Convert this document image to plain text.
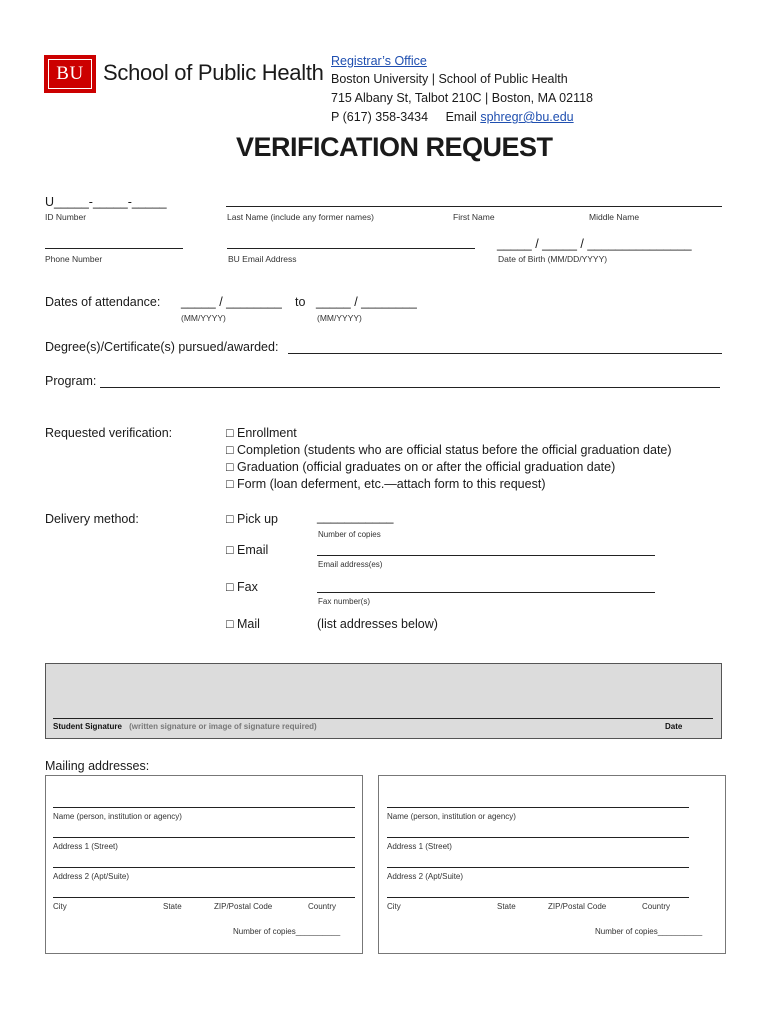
BU School of Public Health Registrar’s Office
Boston University | School of Public Health
715 Albany St, Talbot 210C | Boston, MA 02118
P (617) 358-3434 Email sphregr@bu.edu
VERIFICATION REQUEST
U_____-_____-_____
ID Number	Last Name (include any former names)	First Name	Middle Name
Phone Number	BU Email Address
_____ / _____ / _______________
Date of Birth (MM/DD/YYYY)
Dates of attendance: _____ / ________ to _____ / ________
(MM/YYYY)	(MM/YYYY)
Degree(s)/Certificate(s) pursued/awarded:
Program:
Requested verification:	□ Enrollment
□ Completion (students who are official status before the official graduation date)
□ Graduation (official graduates on or after the official graduation date)
□ Form (loan deferment, etc.—attach form to this request)
Delivery method:	□ Pick up	___________
Number of copies
□ Email
Email address(es)
□ Fax
Fax number(s)
□ Mail	(list addresses below)
Student Signature (written signature or image of signature required)	Date
Mailing addresses:
Name (person, institution or agency)
Address 1 (Street)
Address 2 (Apt/Suite)
City	State	ZIP/Postal Code	Country
Number of copies__________
Name (person, institution or agency)
Address 1 (Street)
Address 2 (Apt/Suite)
City	State	ZIP/Postal Code	Country
Number of copies__________
